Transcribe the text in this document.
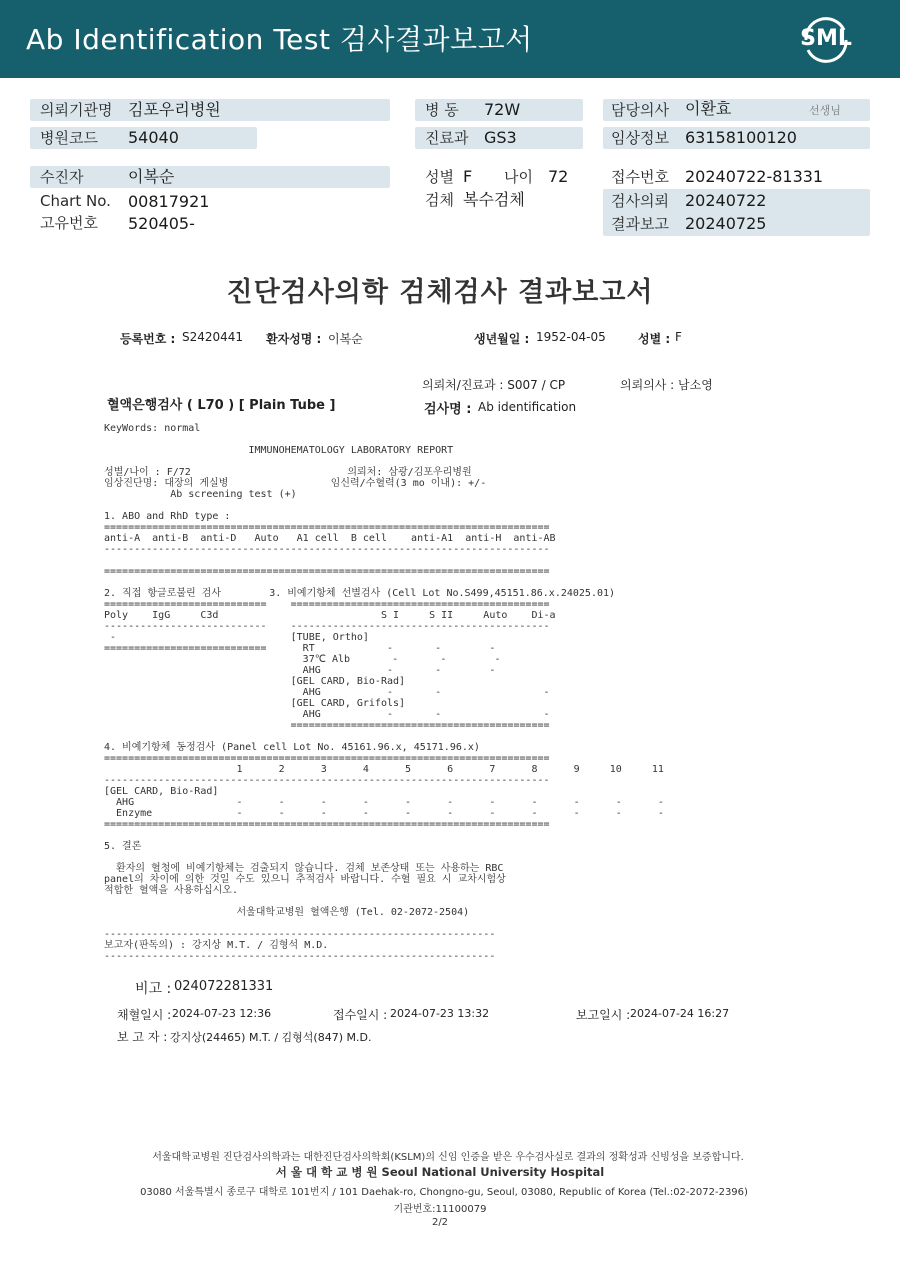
Ab Identification Test 검사결과보고서	SML
의뢰기관명 김포우리병원
병원코드 54040
병 동 72W
진료과 GS3
담당의사 이환효	선생님
임상정보 63158100120
수진자	이복순
Chart No. 00817921
고유번호 520405-
성별 F 나이 72
검체 복수검체
접수번호 20240722-81331
검사의뢰 20240722
결과보고 20240725
진단검사의학 검체검사 결과보고서
등록번호 : S2420441 환자성명 : 이복순	생년월일 : 1952-04-05	성별 : F
의뢰처/진료과 : S007 / CP	의뢰의사 : 남소영
혈액은행검사 ( L70 ) [ Plain Tube ]	검사명 : Ab identification
KeyWords: normal

IMMUNOHEMATOLOGY LABORATORY REPORT

성별/나이 : F/72                          의뢰처: 삼광/김포우리병원
임상진단명: 대장의 게실병                 임신력/수혈력(3 mo 이내): +/-
Ab screening test (+)

1. ABO and RhD type :
==========================================================================
anti-A  anti-B  anti-D   Auto   A1 cell  B cell    anti-A1  anti-H  anti-AB
--------------------------------------------------------------------------

==========================================================================

2. 직접 항글로불린 검사        3. 비예기항체 선별검사 (Cell Lot No.S499,45151.86.x.24025.01)
===========================    ===========================================
Poly    IgG     C3d                           S I     S II     Auto    Di-a
---------------------------    -------------------------------------------
-                             [TUBE, Ortho]
===========================      RT            -       -        -
37℃ Alb       -       -        -
AHG           -       -        -
[GEL CARD, Bio-Rad]
AHG           -       -                 -
[GEL CARD, Grifols]
AHG           -       -                 -
===========================================

4. 비예기항체 동정검사 (Panel cell Lot No. 45161.96.x, 45171.96.x)
==========================================================================
1      2      3      4      5      6      7      8      9     10     11
--------------------------------------------------------------------------
[GEL CARD, Bio-Rad]
AHG                 -      -      -      -      -      -      -      -      -      -      -
Enzyme              -      -      -      -      -      -      -      -      -      -      -
==========================================================================

5. 결론

환자의 혈청에 비예기항체는 검출되지 않습니다. 검체 보존상태 또는 사용하는 RBC
panel의 차이에 의한 것일 수도 있으니 추적검사 바랍니다. 수혈 필요 시 교차시험상
적합한 혈액을 사용하십시오.

서울대학교병원 혈액은행 (Tel. 02-2072-2504)

-----------------------------------------------------------------
보고자(판독의) : 강지상 M.T. / 김형석 M.D.
-----------------------------------------------------------------
비고 : 024072281331
채혈일시 : 2024-07-23 12:36	접수일시 : 2024-07-23 13:32	보고일시 : 2024-07-24 16:27
보 고 자 : 강지상(24465) M.T. / 김형석(847) M.D.
서울대학교병원 진단검사의학과는 대한진단검사의학회(KSLM)의 신임 인증을 받은 우수검사실로 결과의 정확성과 신빙성을 보증합니다.
서 울 대 학 교 병 원 Seoul National University Hospital
03080 서울특별시 종로구 대학로 101번지 / 101 Daehak-ro, Chongno-gu, Seoul, 03080, Republic of Korea (Tel.:02-2072-2396)
기관번호:11100079
2/2
